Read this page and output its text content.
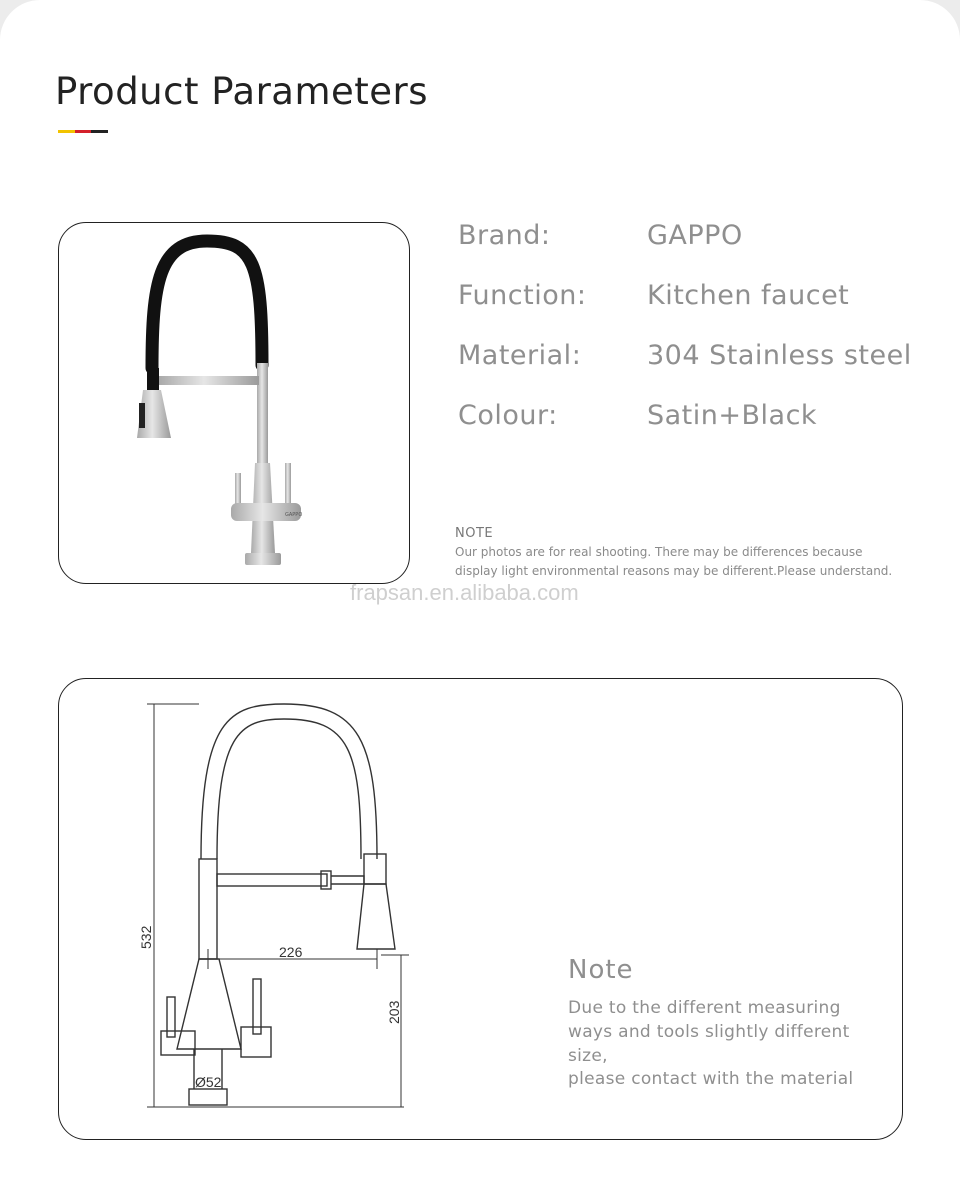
Product Parameters
GAPPO
Brand:	GAPPO
Function: Kitchen faucet
Material: 304 Stainless steel
Colour:	Satin+Black
NOTE
Our photos are for real shooting. There may be differences because
display light environmental reasons may be different.Please understand.
frapsan.en.alibaba.com
532
226
203
Ø52
Note
Due to the different measuring
ways and tools slightly different
size,
please contact with the material
